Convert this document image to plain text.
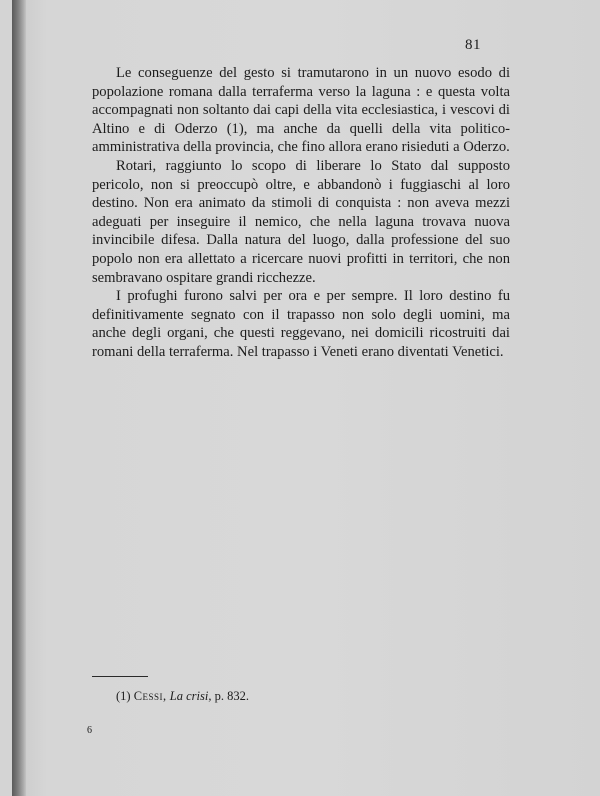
81

Le conseguenze del gesto si tramutarono in un nuovo esodo di popolazione romana dalla terraferma verso la laguna : e questa volta accompagnati non soltanto dai capi della vita ecclesiastica, i vescovi di Altino e di Oderzo (1), ma anche da quelli della vita politico-amministrativa della provincia, che fino allora erano risieduti a Oderzo.

Rotari, raggiunto lo scopo di liberare lo Stato dal supposto pericolo, non si preoccupò oltre, e abbandonò i fuggiaschi al loro destino. Non era animato da stimoli di conquista : non aveva mezzi adeguati per inseguire il nemico, che nella laguna trovava nuova invincibile difesa. Dalla natura del luogo, dalla professione del suo popolo non era allettato a ricercare nuovi profitti in territori, che non sembravano ospitare grandi ricchezze.

I profughi furono salvi per ora e per sempre. Il loro destino fu definitivamente segnato con il trapasso non solo degli uomini, ma anche degli organi, che questi reggevano, nei domicili ricostruiti dai romani della terraferma. Nel trapasso i Veneti erano diventati Venetici.

(1) Cessi, La crisi, p. 832.
6
